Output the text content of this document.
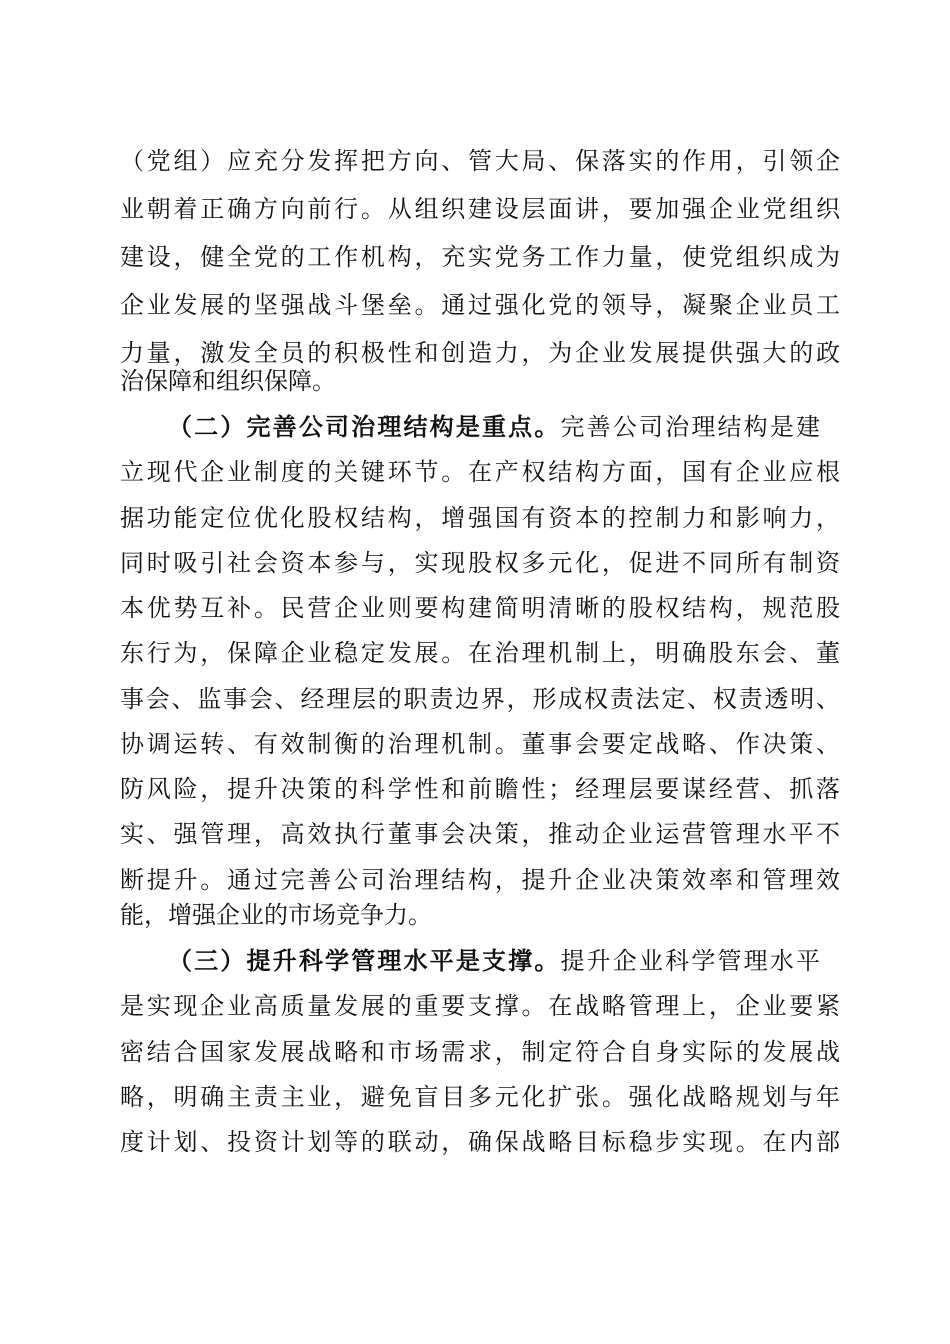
（党组）应充分发挥把方向、管大局、保落实的作用，引领企
业朝着正确方向前行。从组织建设层面讲，要加强企业党组织
建设，健全党的工作机构，充实党务工作力量，使党组织成为
企业发展的坚强战斗堡垒。通过强化党的领导，凝聚企业员工
力量，激发全员的积极性和创造力，为企业发展提供强大的政
治保障和组织保障。
（二）完善公司治理结构是重点。完善公司治理结构是建
立现代企业制度的关键环节。在产权结构方面，国有企业应根
据功能定位优化股权结构，增强国有资本的控制力和影响力，
同时吸引社会资本参与，实现股权多元化，促进不同所有制资
本优势互补。民营企业则要构建简明清晰的股权结构，规范股
东行为，保障企业稳定发展。在治理机制上，明确股东会、董
事会、监事会、经理层的职责边界，形成权责法定、权责透明、
协调运转、有效制衡的治理机制。董事会要定战略、作决策、
防风险，提升决策的科学性和前瞻性；经理层要谋经营、抓落
实、强管理，高效执行董事会决策，推动企业运营管理水平不
断提升。通过完善公司治理结构，提升企业决策效率和管理效
能，增强企业的市场竞争力。
（三）提升科学管理水平是支撑。提升企业科学管理水平
是实现企业高质量发展的重要支撑。在战略管理上，企业要紧
密结合国家发展战略和市场需求，制定符合自身实际的发展战
略，明确主责主业，避免盲目多元化扩张。强化战略规划与年
度计划、投资计划等的联动，确保战略目标稳步实现。在内部
